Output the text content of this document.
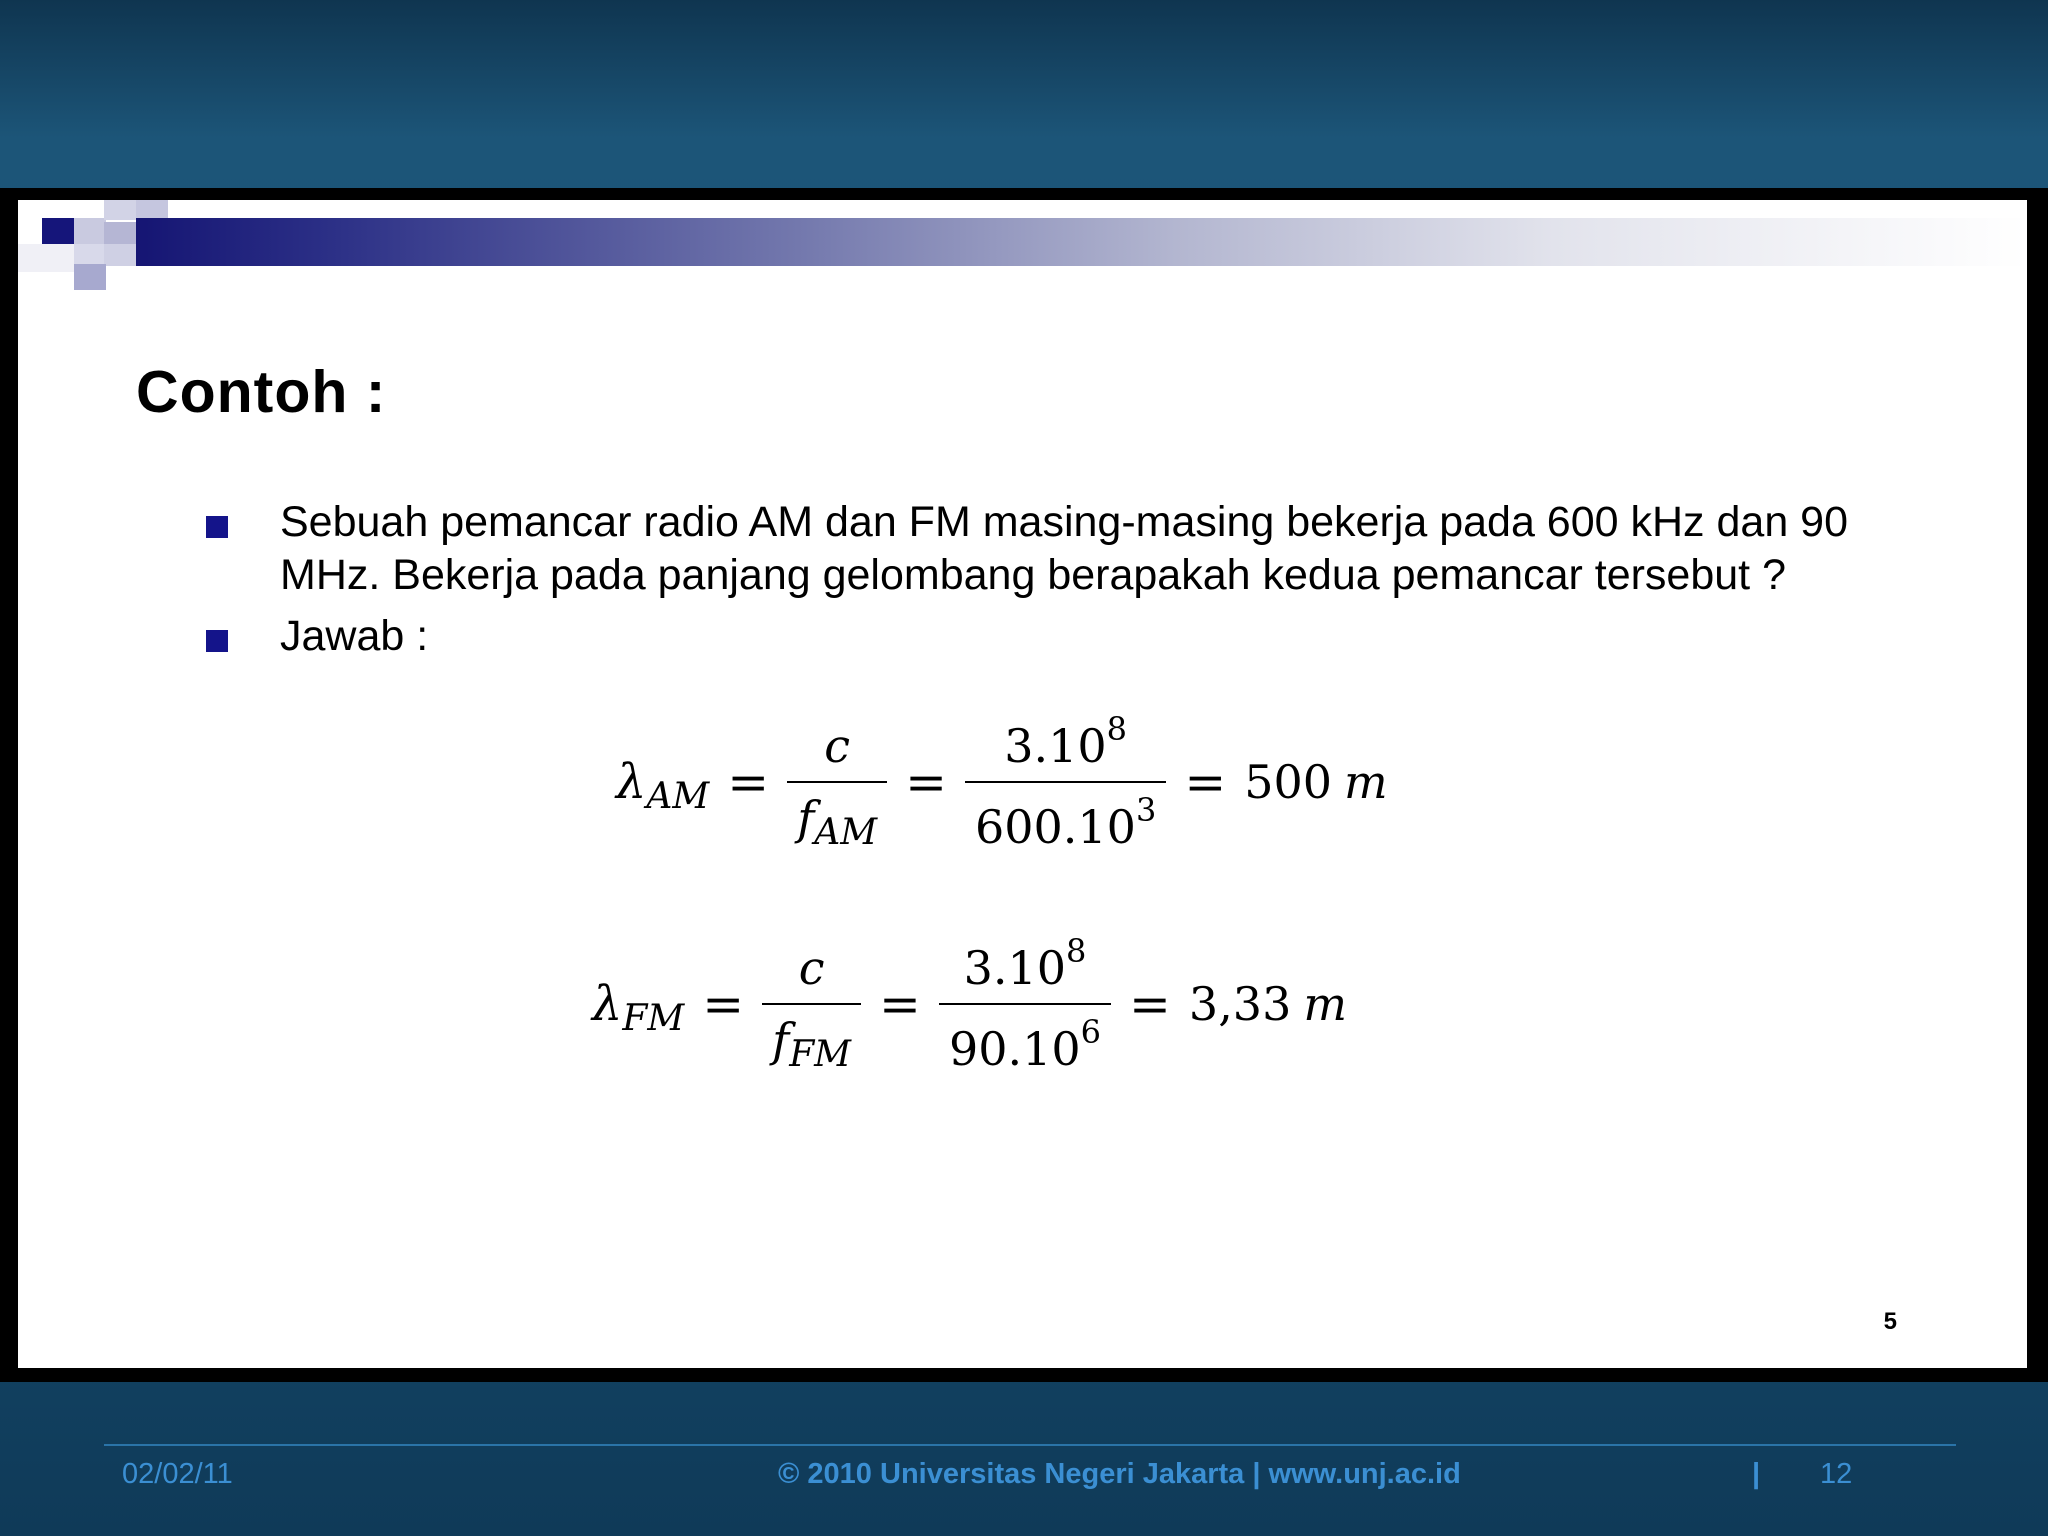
Contoh :
Sebuah pemancar radio AM dan FM masing-masing bekerja pada 600 kHz dan 90 MHz. Bekerja pada panjang gelombang berapakah kedua pemancar tersebut ?
Jawab :
λ AM = $\frac{c}{f_{AM}} = \frac{3.10^8}{600.10^3} = 500$ m
λ FM = $\frac{c}{f_{FM}} = \frac{3.10^8}{90.10^6} = 3,33$ m
5
02/02/11	© 2010 Universitas Negeri Jakarta | www.unj.ac.id	| 12
